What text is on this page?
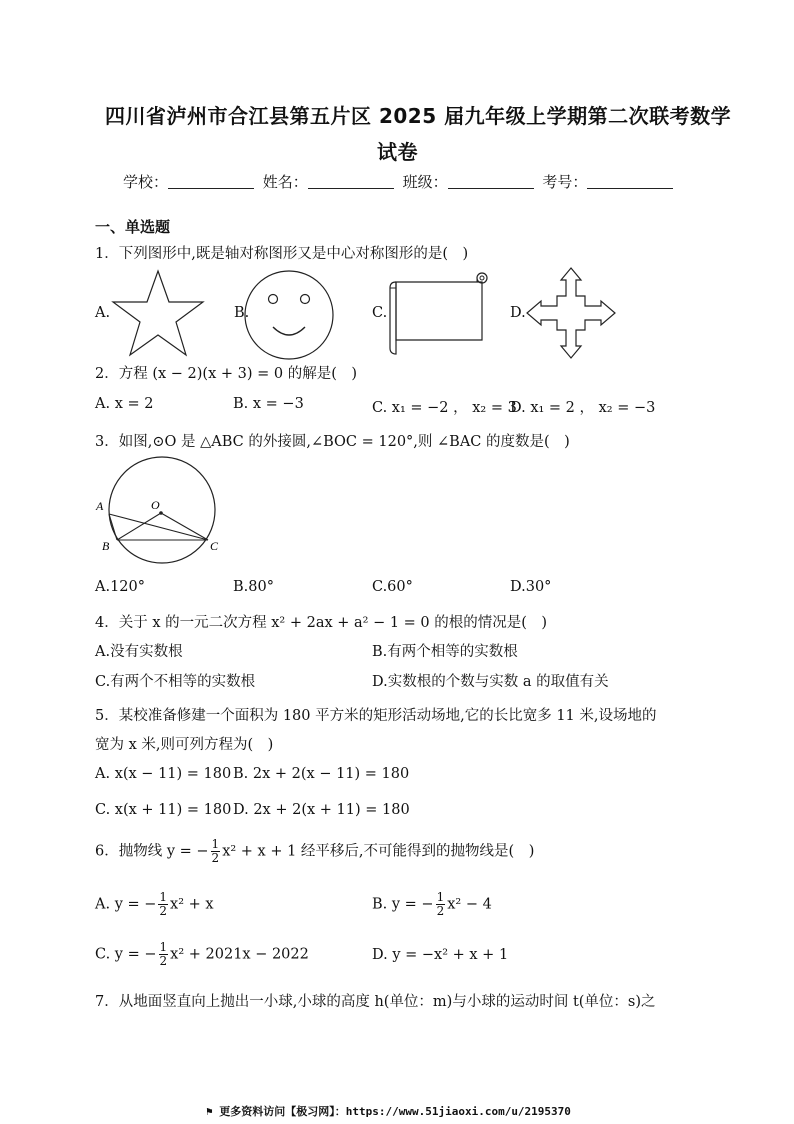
四川省泸州市合江县第五片区 2025 届九年级上学期第二次联考数学
试卷
学校：	姓名：	班级：	考号：
一、单选题
1．下列图形中,既是轴对称图形又是中心对称图形的是(　)
A.	B.	C.	D.
2．方程 (x − 2)(x + 3) = 0 的解是(　)
A. x = 2	B. x = −3	C. x₁ = −2 ， x₂ = 3
D. x₁ = 2 ， x₂ = −3
3．如图,⊙O 是 △ABC 的外接圆,∠BOC = 120°,则 ∠BAC 的度数是(　)
A	O
B	C
A.120°	B.80°	C.60°	D.30°
4．关于 x 的一元二次方程 x² + 2ax + a² − 1 = 0 的根的情况是(　)
A.没有实数根	B.有两个相等的实数根
C.有两个不相等的实数根	D.实数根的个数与实数 a 的取值有关
5．某校准备修建一个面积为 180 平方米的矩形活动场地,它的长比宽多 11 米,设场地的
宽为 x 米,则可列方程为(　)
A. x(x − 11) = 180 B. 2x + 2(x − 11) = 180
C. x(x + 11) = 180 D. 2x + 2(x + 11) = 180
6．抛物线 y = − $\frac{1}{2} x^2 + x + 1$ 经平移后,不可能得到的抛物线是(　)
A. y = − $\frac{1}{2} x^2 + x$	B. y = − $\frac{1}{2} x^2 - 4$
C. y = − $\frac{1}{2} x^2 + 2021x - 2022$	D. y = −x² + x + 1
7．从地面竖直向上抛出一小球,小球的高度 h(单位：m)与小球的运动时间 t(单位：s)之
⚑ 更多资料访问【极习网】：https://www.51jiaoxi.com/u/2195370
